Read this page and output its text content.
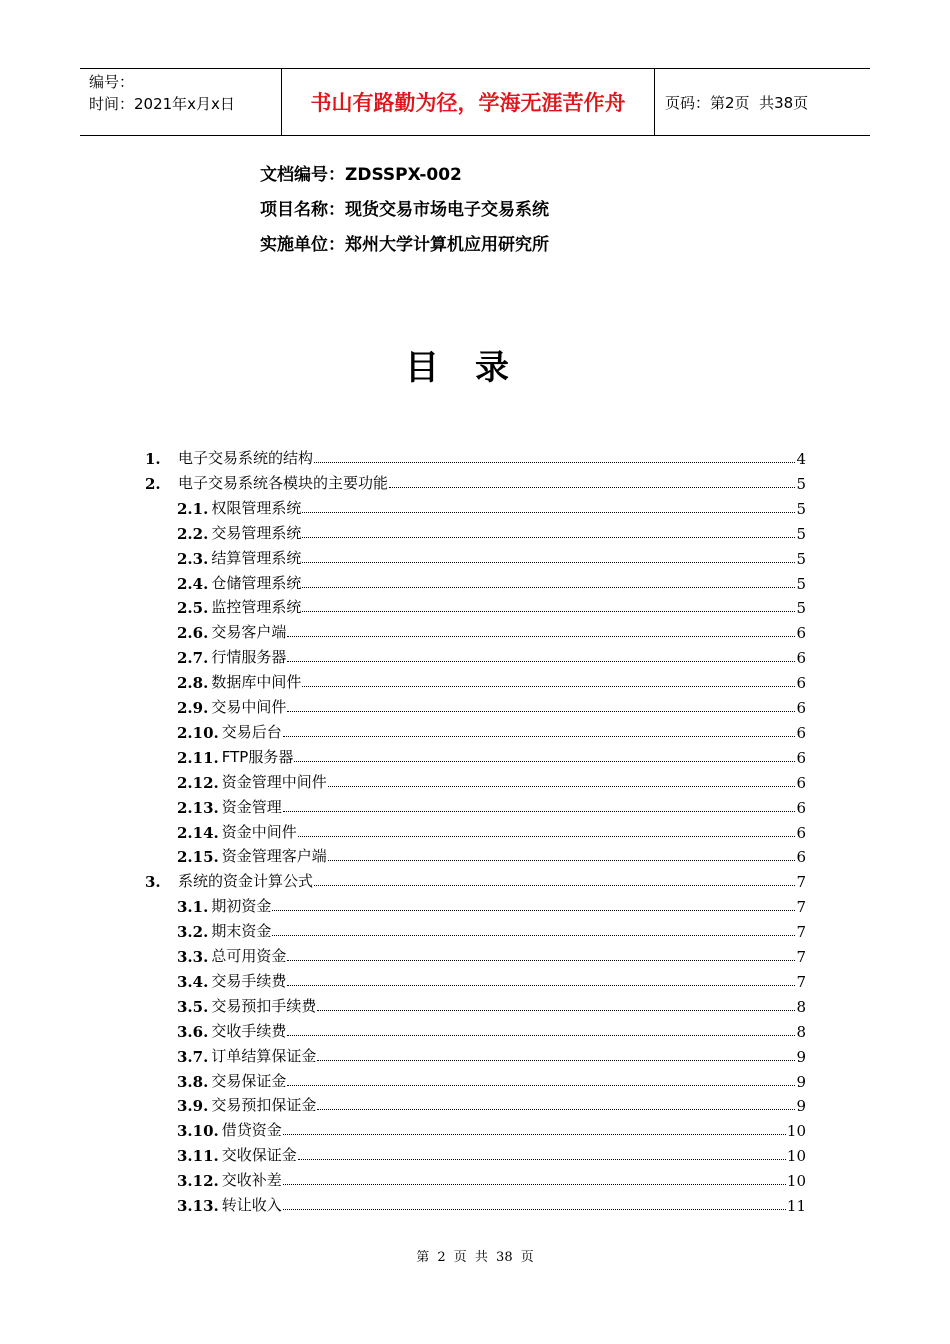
编号：
时间：2021年x月x日	书山有路勤为径，学海无涯苦作舟	页码：第2页  共38页
文档编号：ZDSSPX-002
项目名称：现货交易市场电子交易系统
实施单位：郑州大学计算机应用研究所
目录
1.	电子交易系统的结构	4
2.	电子交易系统各模块的主要功能	5
2.1. 权限管理系统	5
2.2. 交易管理系统	5
2.3. 结算管理系统	5
2.4. 仓储管理系统	5
2.5. 监控管理系统	5
2.6. 交易客户端	6
2.7. 行情服务器	6
2.8. 数据库中间件	6
2.9. 交易中间件	6
2.10. 交易后台	6
2.11. FTP服务器	6
2.12. 资金管理中间件	6
2.13. 资金管理	6
2.14. 资金中间件	6
2.15. 资金管理客户端	6
3.	系统的资金计算公式	7
3.1. 期初资金	7
3.2. 期末资金	7
3.3. 总可用资金	7
3.4. 交易手续费	7
3.5. 交易预扣手续费	8
3.6. 交收手续费	8
3.7. 订单结算保证金	9
3.8. 交易保证金	9
3.9. 交易预扣保证金	9
3.10. 借贷资金	10
3.11. 交收保证金	10
3.12. 交收补差	10
3.13. 转让收入	11
第 2 页 共 38 页
